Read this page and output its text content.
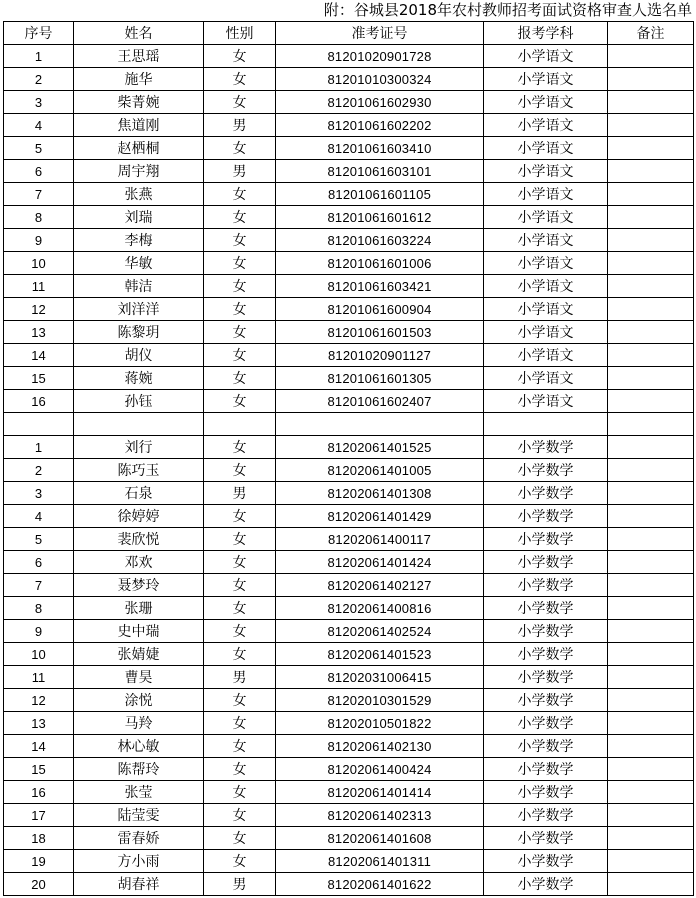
附：谷城县2018年农村教师招考面试资格审查人选名单
序号	姓名	性别	准考证号	报考学科	备注
1	王思瑶	女	81201020901728	小学语文	
2	施华	女	81201010300324	小学语文	
3	柴菁婉	女	81201061602930	小学语文	
4	焦道刚	男	81201061602202	小学语文	
5	赵栖桐	女	81201061603410	小学语文	
6	周宇翔	男	81201061603101	小学语文	
7	张燕	女	81201061601105	小学语文	
8	刘瑞	女	81201061601612	小学语文	
9	李梅	女	81201061603224	小学语文	
10	华敏	女	81201061601006	小学语文	
11	韩洁	女	81201061603421	小学语文	
12	刘洋洋	女	81201061600904	小学语文	
13	陈黎玥	女	81201061601503	小学语文	
14	胡仪	女	81201020901127	小学语文	
15	蒋婉	女	81201061601305	小学语文	
16	孙钰	女	81201061602407	小学语文	

1	刘行	女	81202061401525	小学数学	
2	陈巧玉	女	81202061401005	小学数学	
3	石泉	男	81202061401308	小学数学	
4	徐婷婷	女	81202061401429	小学数学	
5	裴欣悦	女	81202061400117	小学数学	
6	邓欢	女	81202061401424	小学数学	
7	聂梦玲	女	81202061402127	小学数学	
8	张珊	女	81202061400816	小学数学	
9	史中瑞	女	81202061402524	小学数学	
10	张婧婕	女	81202061401523	小学数学	
11	曹昊	男	81202031006415	小学数学	
12	涂悦	女	81202010301529	小学数学	
13	马羚	女	81202010501822	小学数学	
14	林心敏	女	81202061402130	小学数学	
15	陈帮玲	女	81202061400424	小学数学	
16	张莹	女	81202061401414	小学数学	
17	陆莹雯	女	81202061402313	小学数学	
18	雷春娇	女	81202061401608	小学数学	
19	方小雨	女	81202061401311	小学数学	
20	胡春祥	男	81202061401622	小学数学	
